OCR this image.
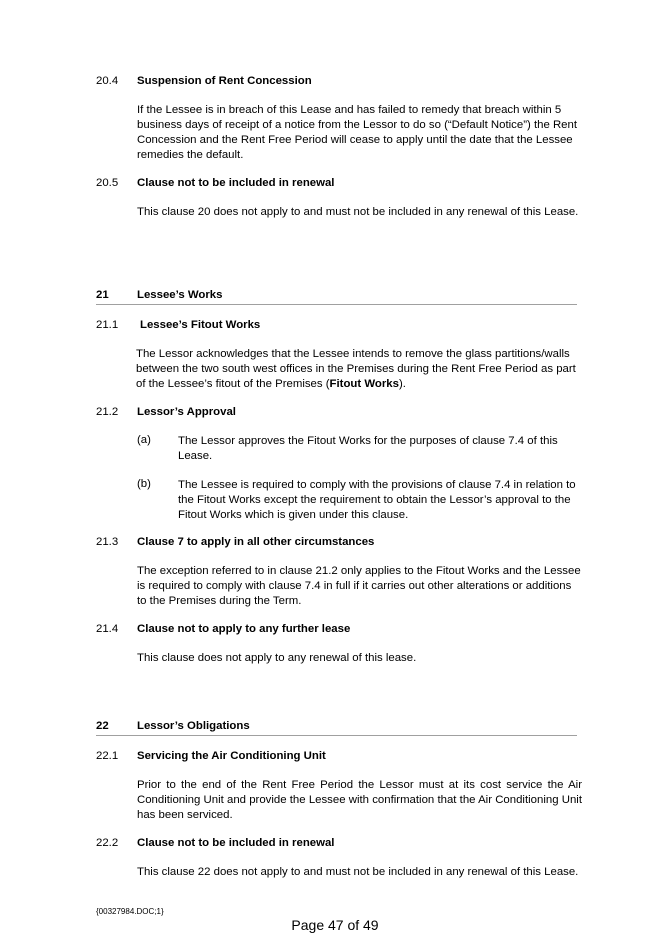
20.4 Suspension of Rent Concession
If the Lessee is in breach of this Lease and has failed to remedy that breach within 5 business days of receipt of a notice from the Lessor to do so (“Default Notice”) the Rent Concession and the Rent Free Period will cease to apply until the date that the Lessee remedies the default.
20.5 Clause not to be included in renewal
This clause 20 does not apply to and must not be included in any renewal of this Lease.
21 Lessee’s Works
21.1 Lessee’s Fitout Works
The Lessor acknowledges that the Lessee intends to remove the glass partitions/walls between the two south west offices in the Premises during the Rent Free Period as part of the Lessee’s fitout of the Premises (Fitout Works).
21.2 Lessor’s Approval
(a) The Lessor approves the Fitout Works for the purposes of clause 7.4 of this Lease.
(b) The Lessee is required to comply with the provisions of clause 7.4 in relation to the Fitout Works except the requirement to obtain the Lessor’s approval to the Fitout Works which is given under this clause.
21.3 Clause 7 to apply in all other circumstances
The exception referred to in clause 21.2 only applies to the Fitout Works and the Lessee is required to comply with clause 7.4 in full if it carries out other alterations or additions to the Premises during the Term.
21.4 Clause not to apply to any further lease
This clause does not apply to any renewal of this lease.
22 Lessor’s Obligations
22.1 Servicing the Air Conditioning Unit
Prior to the end of the Rent Free Period the Lessor must at its cost service the Air Conditioning Unit and provide the Lessee with confirmation that the Air Conditioning Unit has been serviced.
22.2 Clause not to be included in renewal
This clause 22 does not apply to and must not be included in any renewal of this Lease.
{00327984.DOC;1}
Page 47 of 49
